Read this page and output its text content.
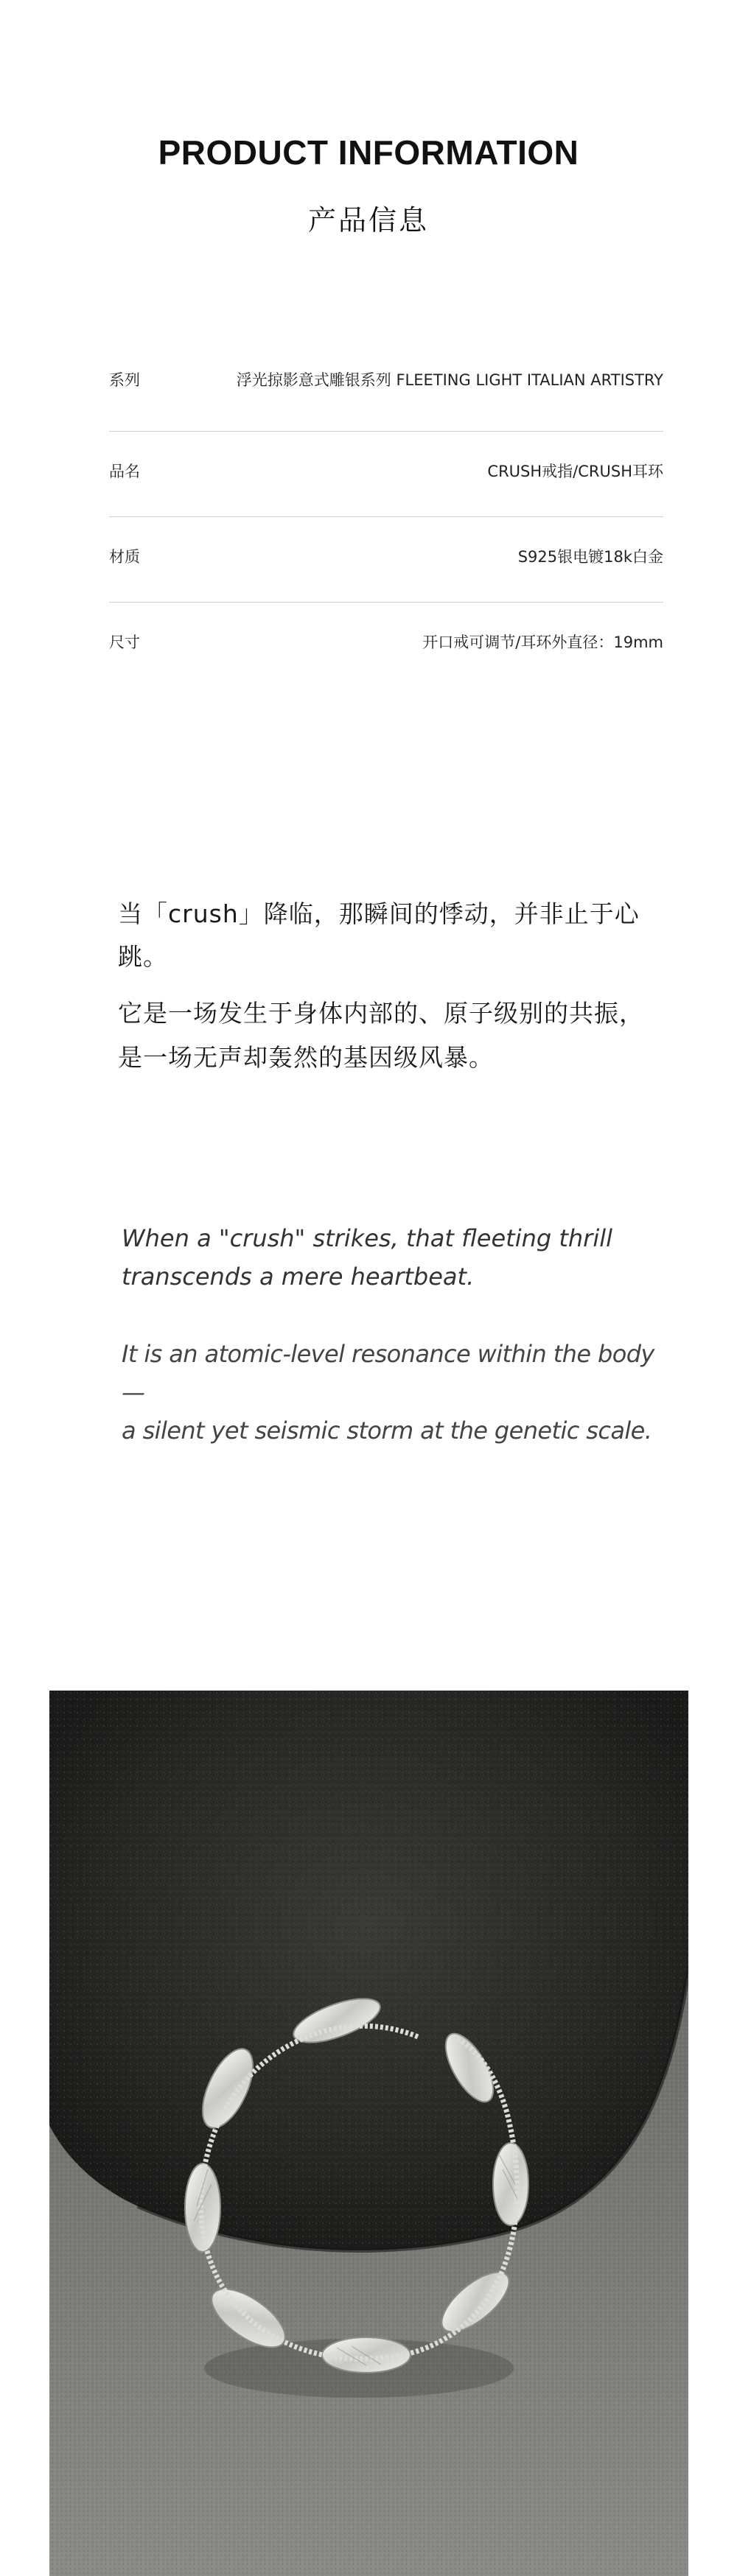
PRODUCT INFORMATION
产品信息
系列	浮光掠影意式雕银系列 FLEETING LIGHT ITALIAN ARTISTRY
品名	CRUSH戒指/CRUSH耳环
材质	S925银电镀18k白金
尺寸	开口戒可调节/耳环外直径：19mm
当「crush」降临，那瞬间的悸动，并非止于心跳。
它是一场发生于身体内部的、原子级别的共振，
是一场无声却轰然的基因级风暴。
When a "crush" strikes, that fleeting thrill
transcends a mere heartbeat.
It is an atomic-level resonance within the body—
a silent yet seismic storm at the genetic scale.
